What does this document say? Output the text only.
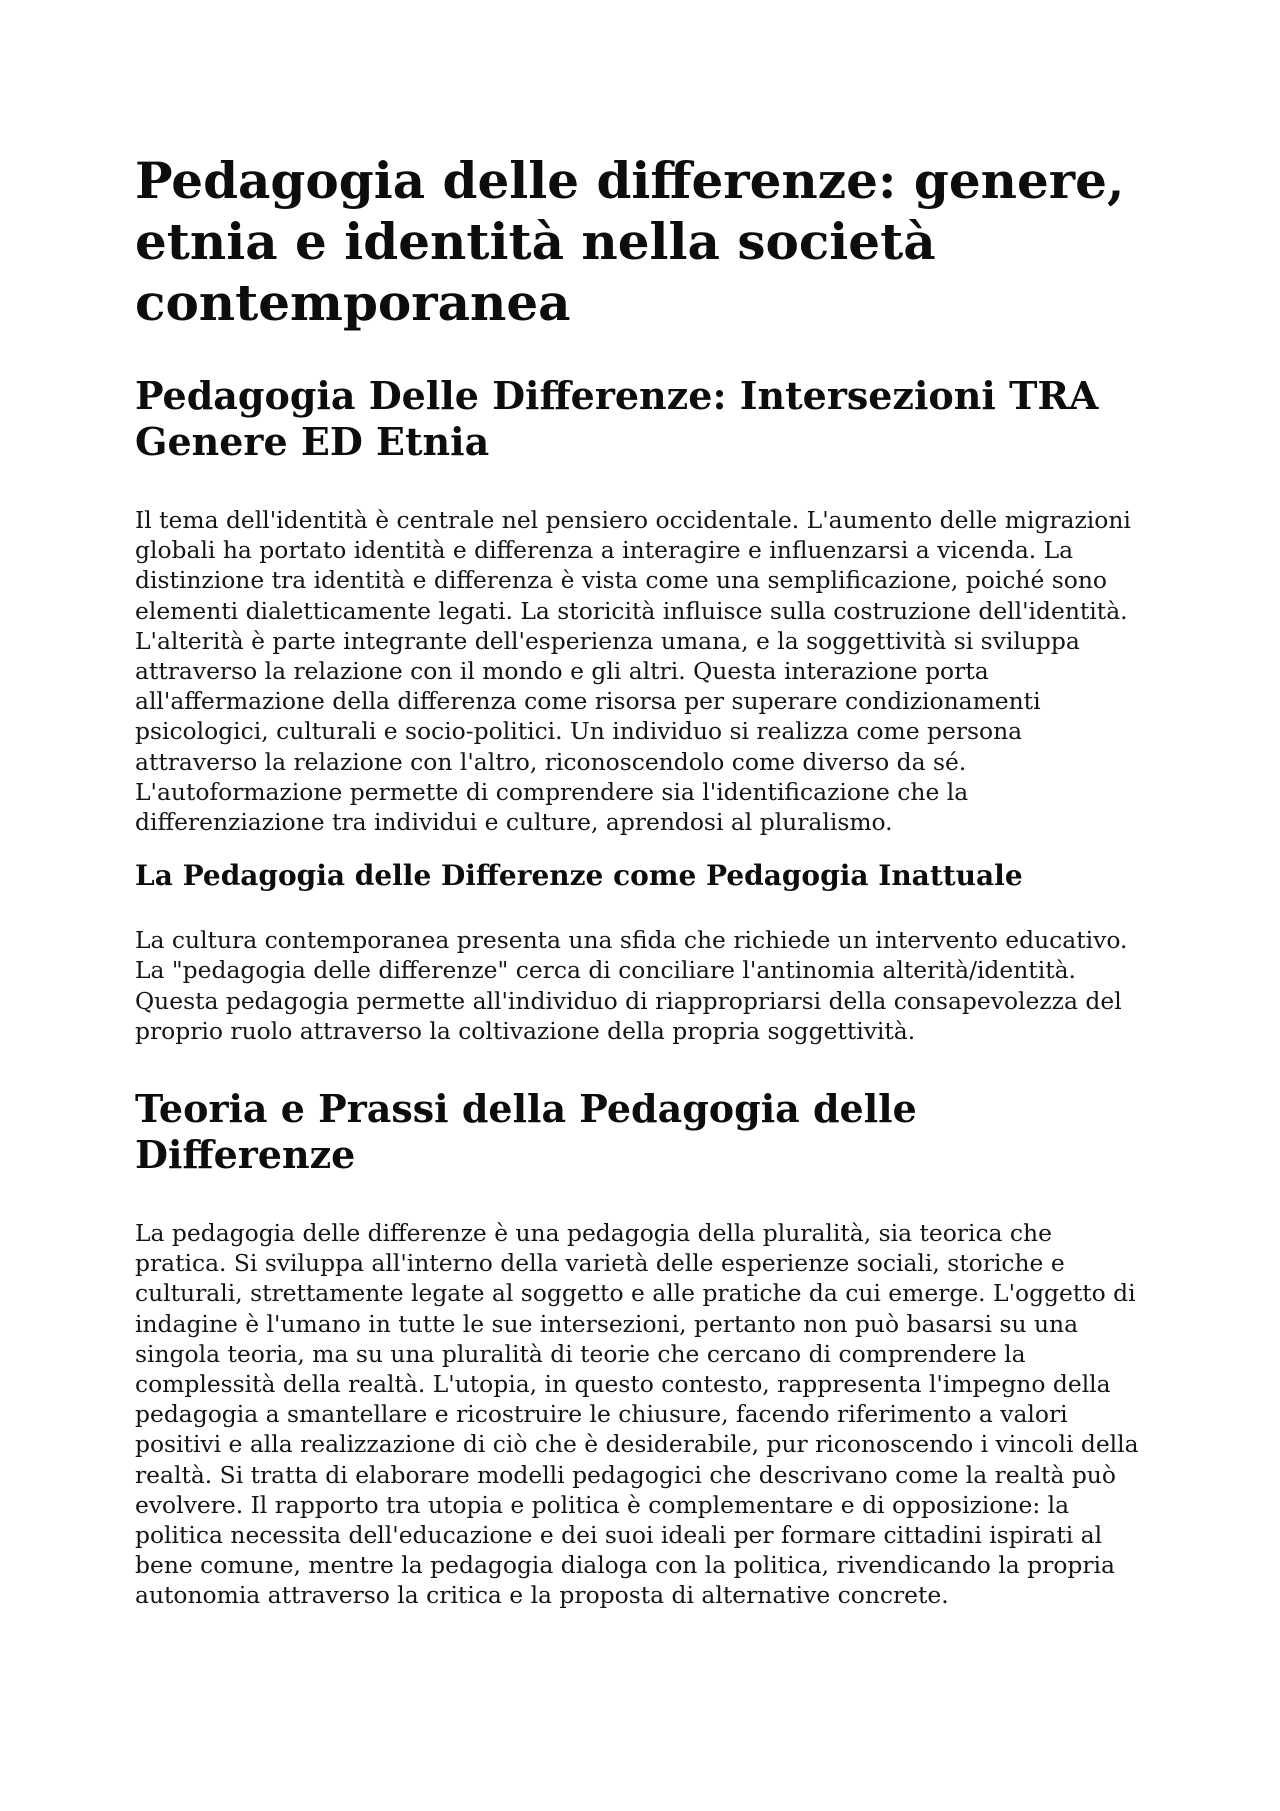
Pedagogia delle differenze: genere, etnia e identità nella società contemporanea
Pedagogia Delle Differenze: Intersezioni TRA Genere ED Etnia

Il tema dell'identità è centrale nel pensiero occidentale. L'aumento delle migrazioni globali ha portato identità e differenza a interagire e influenzarsi a vicenda. La distinzione tra identità e differenza è vista come una semplificazione, poiché sono elementi dialetticamente legati. La storicità influisce sulla costruzione dell'identità. L'alterità è parte integrante dell'esperienza umana, e la soggettività si sviluppa attraverso la relazione con il mondo e gli altri. Questa interazione porta all'affermazione della differenza come risorsa per superare condizionamenti psicologici, culturali e socio-politici. Un individuo si realizza come persona attraverso la relazione con l'altro, riconoscendolo come diverso da sé. L'autoformazione permette di comprendere sia l'identificazione che la differenziazione tra individui e culture, aprendosi al pluralismo.

La Pedagogia delle Differenze come Pedagogia Inattuale

La cultura contemporanea presenta una sfida che richiede un intervento educativo. La "pedagogia delle differenze" cerca di conciliare l'antinomia alterità/identità. Questa pedagogia permette all'individuo di riappropriarsi della consapevolezza del proprio ruolo attraverso la coltivazione della propria soggettività.

Teoria e Prassi della Pedagogia delle Differenze

La pedagogia delle differenze è una pedagogia della pluralità, sia teorica che pratica. Si sviluppa all'interno della varietà delle esperienze sociali, storiche e culturali, strettamente legate al soggetto e alle pratiche da cui emerge. L'oggetto di indagine è l'umano in tutte le sue intersezioni, pertanto non può basarsi su una singola teoria, ma su una pluralità di teorie che cercano di comprendere la complessità della realtà. L'utopia, in questo contesto, rappresenta l'impegno della pedagogia a smantellare e ricostruire le chiusure, facendo riferimento a valori positivi e alla realizzazione di ciò che è desiderabile, pur riconoscendo i vincoli della realtà. Si tratta di elaborare modelli pedagogici che descrivano come la realtà può evolvere. Il rapporto tra utopia e politica è complementare e di opposizione: la politica necessita dell'educazione e dei suoi ideali per formare cittadini ispirati al bene comune, mentre la pedagogia dialoga con la politica, rivendicando la propria autonomia attraverso la critica e la proposta di alternative concrete.
